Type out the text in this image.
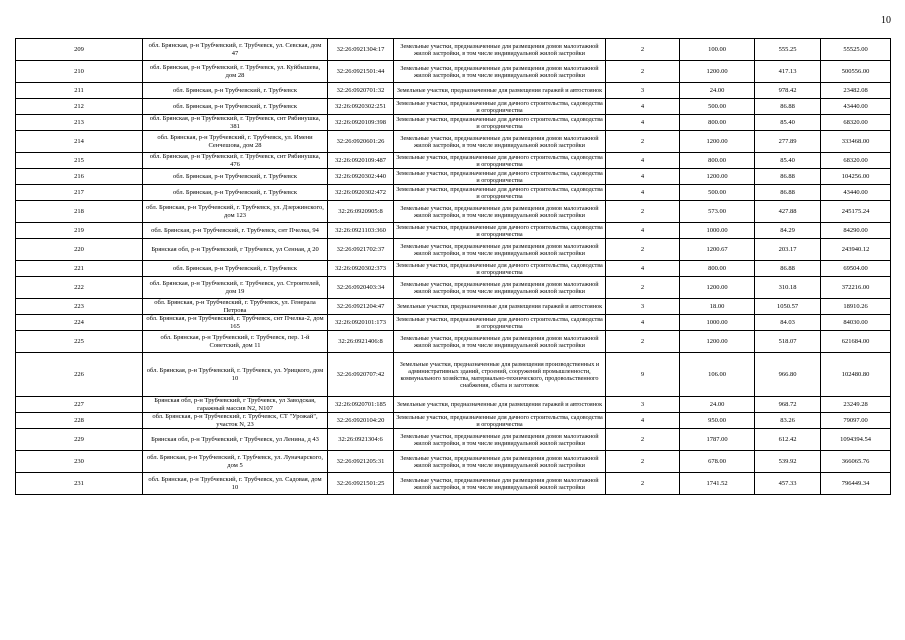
10
209	обл. Брянская, р-н Трубчевский, г. Трубчевск, ул. Севская, дом 47	32:26:0921304:17	Земельные участки, предназначенные для размещения домов малоэтажной жилой застройки, в том числе индивидуальной жилой застройки	2	100.00	555.25	55525.00
210	обл. Брянская, р-н Трубчевский, г. Трубчевск, ул. Куйбышева, дом 28	32:26:0921501:44	Земельные участки, предназначенные для размещения домов малоэтажной жилой застройки, в том числе индивидуальной жилой застройки	2	1200.00	417.13	500556.00
211	обл. Брянская, р-н Трубчевский, г. Трубчевск	32:26:0920701:32	Земельные участки, предназначенные для размещения гаражей и автостоянок	3	24.00	978.42	23482.08
212	обл. Брянская, р-н Трубчевский, г. Трубчевск	32:26:0920302:251	Земельные участки, предназначенные для дачного строительства, садоводства и огородничества	4	500.00	86.88	43440.00
213	обл. Брянская, р-н Трубчевский, г. Трубчевск, снт Рябинушка, 381	32:26:0920109:398	Земельные участки, предназначенные для дачного строительства, садоводства и огородничества	4	800.00	85.40	68320.00
214	обл. Брянская, р-н Трубчевский, г. Трубчевск, ул. Имени Сенчешова, дом 28	32:26:0920601:26	Земельные участки, предназначенные для размещения домов малоэтажной жилой застройки, в том числе индивидуальной жилой застройки	2	1200.00	277.89	333468.00
215	обл. Брянская, р-н Трубчевский, г. Трубчевск, снт Рябинушка, 476	32:26:0920109:487	Земельные участки, предназначенные для дачного строительства, садоводства и огородничества	4	800.00	85.40	68320.00
216	обл. Брянская, р-н Трубчевский, г. Трубчевск	32:26:0920302:440	Земельные участки, предназначенные для дачного строительства, садоводства и огородничества	4	1200.00	86.88	104256.00
217	обл. Брянская, р-н Трубчевский, г. Трубчевск	32:26:0920302:472	Земельные участки, предназначенные для дачного строительства, садоводства и огородничества	4	500.00	86.88	43440.00
218	обл. Брянская, р-н Трубчевский, г. Трубчевск, ул. Дзержинского, дом 123	32:26:0920905:8	Земельные участки, предназначенные для размещения домов малоэтажной жилой застройки, в том числе индивидуальной жилой застройки	2	573.00	427.88	245175.24
219	обл. Брянская, р-н Трубчевский, г. Трубчевск, снт Пчелка, 94	32:26:0921103:360	Земельные участки, предназначенные для дачного строительства, садоводства и огородничества	4	1000.00	84.29	84290.00
220	Брянская обл, р-н Трубчевский, г Трубчевск, ул Сенная, д 20	32:26:0921702:37	Земельные участки, предназначенные для размещения домов малоэтажной жилой застройки, в том числе индивидуальной жилой застройки	2	1200.67	203.17	243940.12
221	обл. Брянская, р-н Трубчевский, г. Трубчевск	32:26:0920302:373	Земельные участки, предназначенные для дачного строительства, садоводства и огородничества	4	800.00	86.88	69504.00
222	обл. Брянская, р-н Трубчевский, г. Трубчевск, ул. Строителей, дом 19	32:26:0920403:34	Земельные участки, предназначенные для размещения домов малоэтажной жилой застройки, в том числе индивидуальной жилой застройки	2	1200.00	310.18	372216.00
223	обл. Брянская, р-н Трубчевский, г. Трубчевск, ул. Генерала Петрова	32:26:0921204:47	Земельные участки, предназначенные для размещения гаражей и автостоянок	3	18.00	1050.57	18910.26
224	обл. Брянская, р-н Трубчевский, г. Трубчевск, снт Пчелка-2, дом 165	32:26:0920101:173	Земельные участки, предназначенные для дачного строительства, садоводства и огородничества	4	1000.00	84.03	84030.00
225	обл. Брянская, р-н Трубчевский, г. Трубчевск, пер. 1-й Советский, дом 11	32:26:0921406:8	Земельные участки, предназначенные для размещения домов малоэтажной жилой застройки, в том числе индивидуальной жилой застройки	2	1200.00	518.07	621684.00
226	обл. Брянская, р-н Трубчевский, г. Трубчевск, ул. Урицкого, дом 10	32:26:0920707:42	Земельные участки, предназначенные для размещения производственных и административных зданий, строений, сооружений промышленности, коммунального хозяйства, материально-технического, продовольственного снабжения, сбыта и заготовок	9	106.00	966.80	102480.80
227	Брянская обл, р-н Трубчевский, г Трубчевск, ул Заводская, гаражный массив N2, N107	32:26:0920701:185	Земельные участки, предназначенные для размещения гаражей и автостоянок	3	24.00	968.72	23249.28
228	обл. Брянская, р-н Трубчевский, г. Трубчевск, СТ "Урожай", участок N, 23	32:26:0920104:20	Земельные участки, предназначенные для дачного строительства, садоводства и огородничества	4	950.00	83.26	79097.00
229	Брянская обл, р-н Трубчевский, г Трубчевск, ул Ленина, д 43	32:26:0921304:6	Земельные участки, предназначенные для размещения домов малоэтажной жилой застройки, в том числе индивидуальной жилой застройки	2	1787.00	612.42	1094394.54
230	обл. Брянская, р-н Трубчевский, г. Трубчевск, ул. Луначарского, дом 5	32:26:0921205:31	Земельные участки, предназначенные для размещения домов малоэтажной жилой застройки, в том числе индивидуальной жилой застройки	2	678.00	539.92	366065.76
231	обл. Брянская, р-н Трубчевский, г. Трубчевск, ул. Садовая, дом 10	32:26:0921501:25	Земельные участки, предназначенные для размещения домов малоэтажной жилой застройки, в том числе индивидуальной жилой застройки	2	1741.52	457.33	796449.34
